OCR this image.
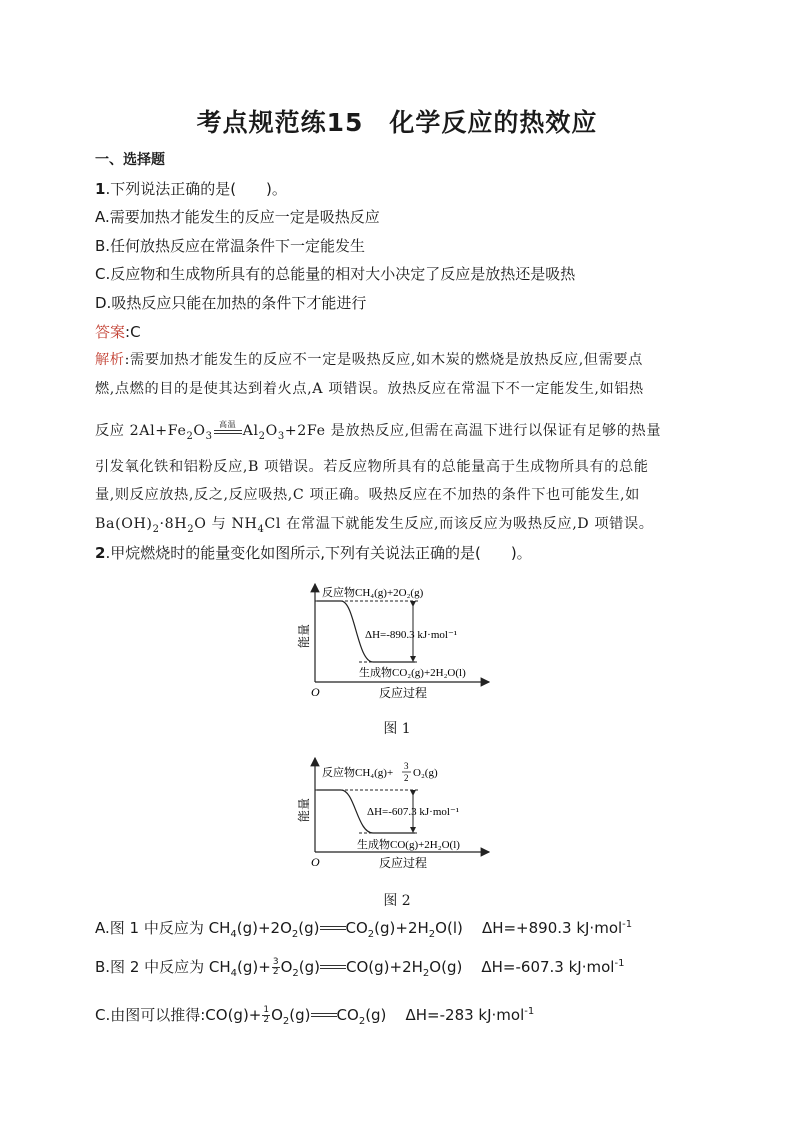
考点规范练15　化学反应的热效应
一、选择题
1.下列说法正确的是(　　)。
A.需要加热才能发生的反应一定是吸热反应
B.任何放热反应在常温条件下一定能发生
C.反应物和生成物所具有的总能量的相对大小决定了反应是放热还是吸热
D.吸热反应只能在加热的条件下才能进行
答案:C
解析:需要加热才能发生的反应不一定是吸热反应,如木炭的燃烧是放热反应,但需要点
燃,点燃的目的是使其达到着火点,A 项错误。放热反应在常温下不一定能发生,如铝热
反应 $2Al+Fe_2O_3$
高温 $Al_2O_3+2Fe$ 是放热反应,但需在高温下进行以保证有足够的热量
引发氧化铁和铝粉反应,B 项错误。若反应物所具有的总能量高于生成物所具有的总能
量,则反应放热,反之,反应吸热,C 项正确。吸热反应在不加热的条件下也可能发生,如
$Ba(OH)_2\cdot 8H_2O$ 与 $NH_4Cl$ 在常温下就能发生反应,而该反应为吸热反应,D 项错误。
2.甲烷燃烧时的能量变化如图所示,下列有关说法正确的是(　　)。
能量
O	反应过程
反应物CH₄(g)+2O₂(g)
ΔH=-890.3 kJ·mol⁻¹
生成物CO₂(g)+2H₂O(l)
图 1
能量
O	反应过程
反应物CH₄(g)+
3
2 O₂(g)
ΔH=-607.3 kJ·mol⁻¹
生成物CO(g)+2H₂O(l)
图 2
A.图 1 中反应为 $CH_4(g)+2O_2(g)$ $CO_2(g)+2H_2O(l)$    ΔH=+890.3 kJ·mol$^{-1}$
B.图 2 中反应为 $CH_4(g)+ \frac{3}{2} O_2(g)$ $CO(g)+2H_2O(g)$    ΔH=-607.3 kJ·mol$^{-1}$
C.由图可以推得:CO(g)+ $\frac{1}{2} O_2(g)$ $CO_2(g)$    ΔH=-283 kJ·mol$^{-1}$
